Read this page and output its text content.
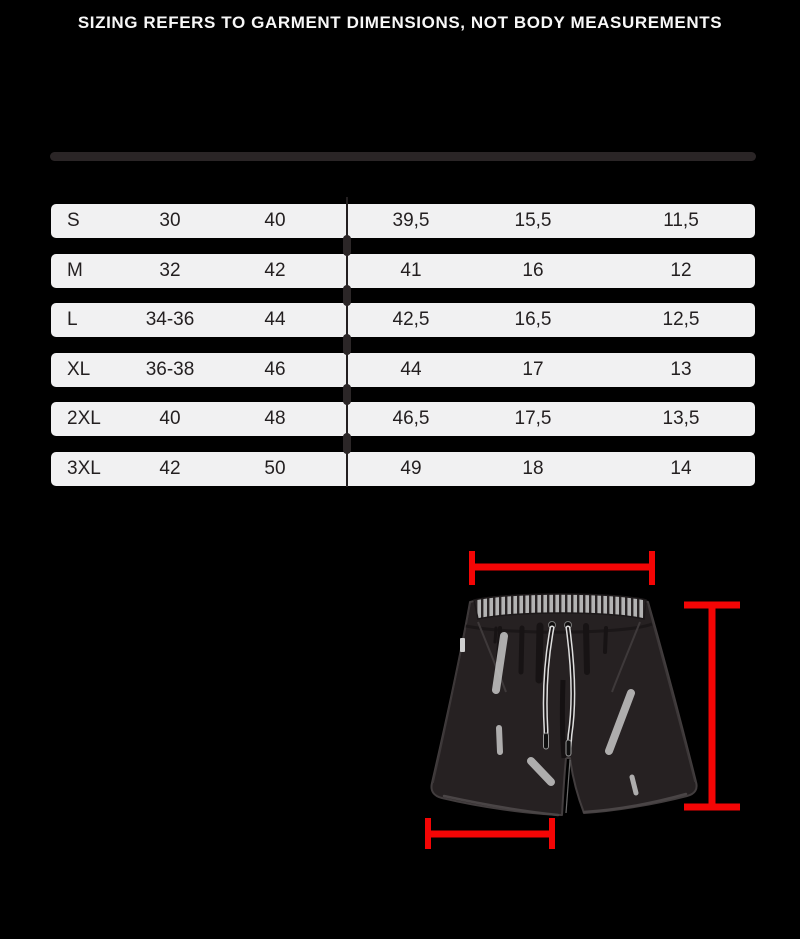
SIZING REFERS TO GARMENT DIMENSIONS, NOT BODY MEASUREMENTS
S	30	40	39,5	15,5	11,5
M	32	42	41	16	12
L	34-36	44	42,5	16,5	12,5
XL	36-38	46	44	17	13
2XL	40	48	46,5	17,5	13,5
3XL	42	50	49	18	14
